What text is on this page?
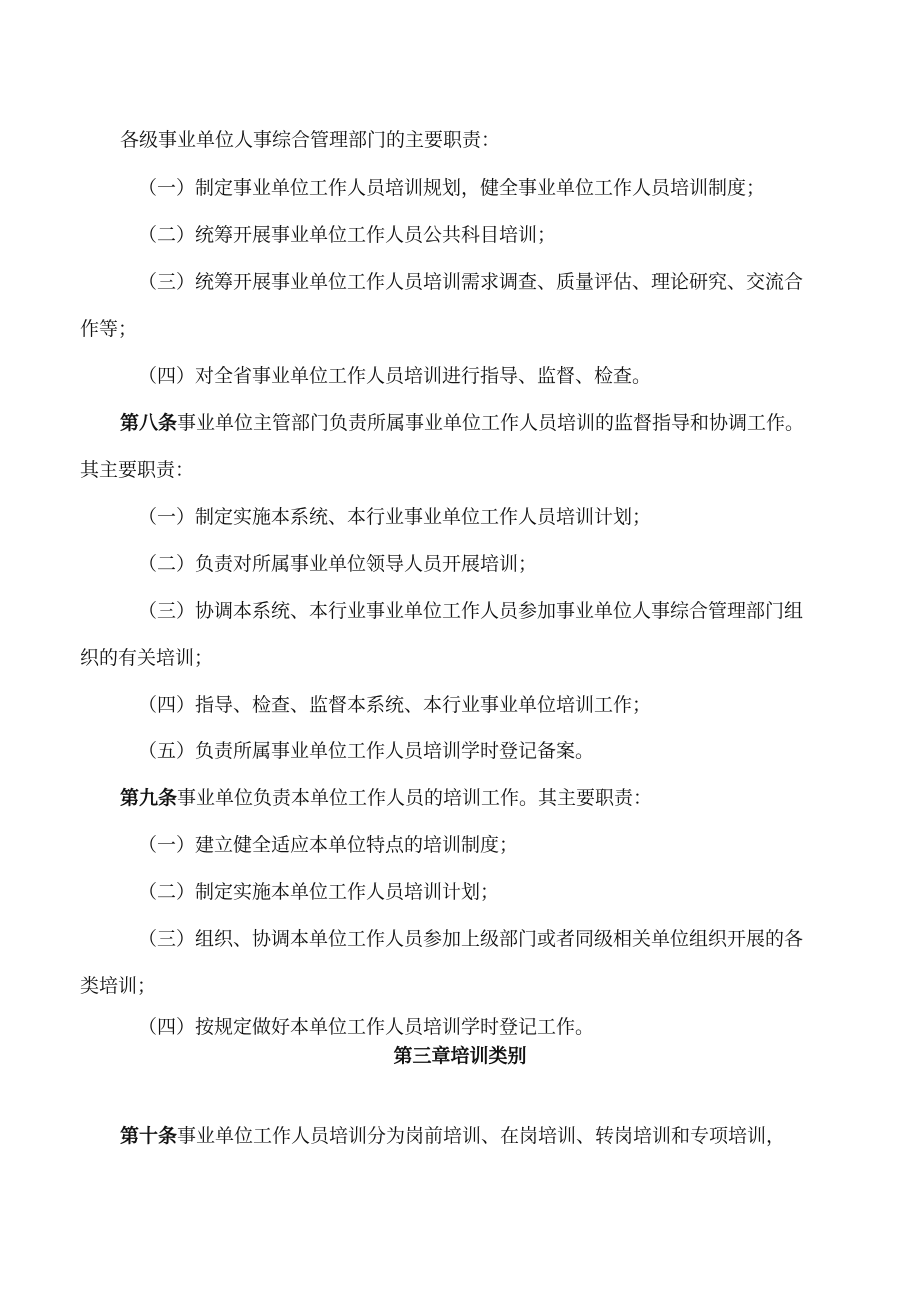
各级事业单位人事综合管理部门的主要职责：
（一）制定事业单位工作人员培训规划，健全事业单位工作人员培训制度；
（二）统筹开展事业单位工作人员公共科目培训；
（三）统筹开展事业单位工作人员培训需求调查、质量评估、理论研究、交流合
作等；
（四）对全省事业单位工作人员培训进行指导、监督、检查。
第八条事业单位主管部门负责所属事业单位工作人员培训的监督指导和协调工作。
其主要职责：
（一）制定实施本系统、本行业事业单位工作人员培训计划；
（二）负责对所属事业单位领导人员开展培训；
（三）协调本系统、本行业事业单位工作人员参加事业单位人事综合管理部门组
织的有关培训；
（四）指导、检查、监督本系统、本行业事业单位培训工作；
（五）负责所属事业单位工作人员培训学时登记备案。
第九条事业单位负责本单位工作人员的培训工作。其主要职责：
（一）建立健全适应本单位特点的培训制度；
（二）制定实施本单位工作人员培训计划；
（三）组织、协调本单位工作人员参加上级部门或者同级相关单位组织开展的各
类培训；
（四）按规定做好本单位工作人员培训学时登记工作。
第三章培训类别
第十条事业单位工作人员培训分为岗前培训、在岗培训、转岗培训和专项培训，
